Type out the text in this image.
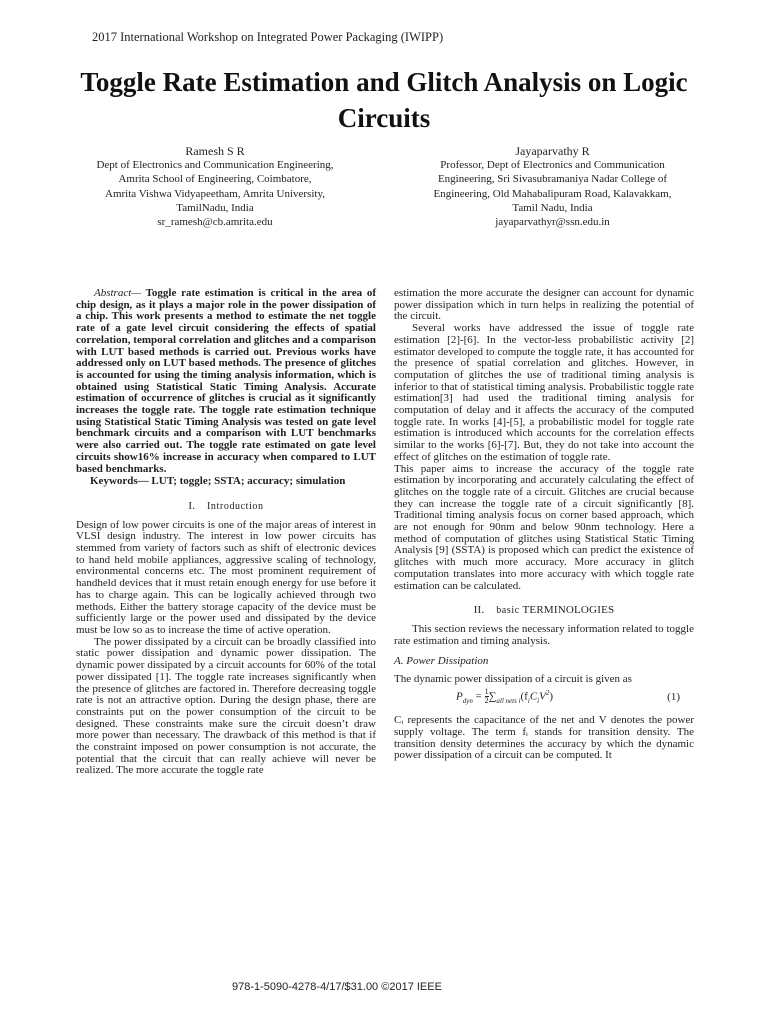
2017 International Workshop on Integrated Power Packaging (IWIPP)
Toggle Rate Estimation and Glitch Analysis on Logic Circuits
Ramesh S R
Dept of Electronics and Communication Engineering,
Amrita School of Engineering, Coimbatore,
Amrita Vishwa Vidyapeetham, Amrita University,
TamilNadu, India
sr_ramesh@cb.amrita.edu
Jayaparvathy R
Professor, Dept of Electronics and Communication
Engineering, Sri Sivasubramaniya Nadar College of
Engineering, Old Mahabalipuram Road, Kalavakkam,
Tamil Nadu, India
jayaparvathyr@ssn.edu.in

Abstract— Toggle rate estimation is critical in the area of chip design, as it plays a major role in the power dissipation of a chip. This work presents a method to estimate the net toggle rate of a gate level circuit considering the effects of spatial correlation, temporal correlation and glitches and a comparison with LUT based methods is carried out. Previous works have addressed only on LUT based methods. The presence of glitches is accounted for using the timing analysis information, which is obtained using Statistical Static Timing Analysis. Accurate estimation of occurrence of glitches is crucial as it significantly increases the toggle rate. The toggle rate estimation technique using Statistical Static Timing Analysis was tested on gate level benchmark circuits and a comparison with LUT benchmarks were also carried out. The toggle rate estimated on gate level circuits show16% increase in accuracy when compared to LUT based benchmarks.

Keywords— LUT; toggle; SSTA; accuracy; simulation

I. Introduction

Design of low power circuits is one of the major areas of interest in VLSI design industry. The interest in low power circuits has stemmed from variety of factors such as shift of electronic devices to hand held mobile appliances, aggressive scaling of technology, environmental concerns etc. The most prominent requirement of handheld devices that it must retain enough energy for use before it has to charge again. This can be logically achieved through two methods. Either the battery storage capacity of the device must be sufficiently large or the power used and dissipated by the device must be low so as to increase the time of active operation.

The power dissipated by a circuit can be broadly classified into static power dissipation and dynamic power dissipation. The dynamic power dissipated by a circuit accounts for 60% of the total power dissipated [1]. The toggle rate increases significantly when the presence of glitches are factored in. Therefore decreasing toggle rate is not an attractive option. During the design phase, there are constraints put on the power consumption of the circuit to be designed. These constraints make sure the circuit doesn’t draw more power than necessary. The drawback of this method is that if the constraint imposed on power consumption is not accurate, the potential that the circuit that can really achieve will never be realized. The more accurate the toggle rate

estimation the more accurate the designer can account for dynamic power dissipation which in turn helps in realizing the potential of the circuit.

Several works have addressed the issue of toggle rate estimation [2]-[6]. In the vector-less probabilistic activity [2] estimator developed to compute the toggle rate, it has accounted for the presence of spatial correlation and glitches. However, in computation of glitches the use of traditional timing analysis is inferior to that of statistical timing analysis. Probabilistic toggle rate estimation[3] had used the traditional timing analysis for computation of delay and it affects the accuracy of the computed toggle rate. In works [4]-[5], a probabilistic model for toggle rate estimation is introduced which accounts for the correlation effects similar to the works [6]-[7]. But, they do not take into account the effect of glitches on the estimation of toggle rate.

This paper aims to increase the accuracy of the toggle rate estimation by incorporating and accurately calculating the effect of glitches on the toggle rate of a circuit. Glitches are crucial because they can increase the toggle rate of a circuit significantly [8]. Traditional timing analysis focus on corner based approach, which are not enough for 90nm and below 90nm technology. Here a method of computation of glitches using Statistical Static Timing Analysis [9] (SSTA) is proposed which can predict the existence of glitches with much more accuracy. More accuracy in glitch computation translates into more accuracy with which toggle rate estimation can be calculated.

II. basic TERMINOLOGIES

This section reviews the necessary information related to toggle rate estimation and timing analysis.

A. Power Dissipation

The dynamic power dissipation of a circuit is given as

$P_{dyn} = \frac{1}{2} \sum_{all nets i}(f_iC_iV^2)$	(1)

Cᵢ represents the capacitance of the net and V denotes the power supply voltage. The term fᵢ stands for transition density. The transition density determines the accuracy by which the dynamic power dissipation of a circuit can be computed. It

978-1-5090-4278-4/17/$31.00 ©2017 IEEE
